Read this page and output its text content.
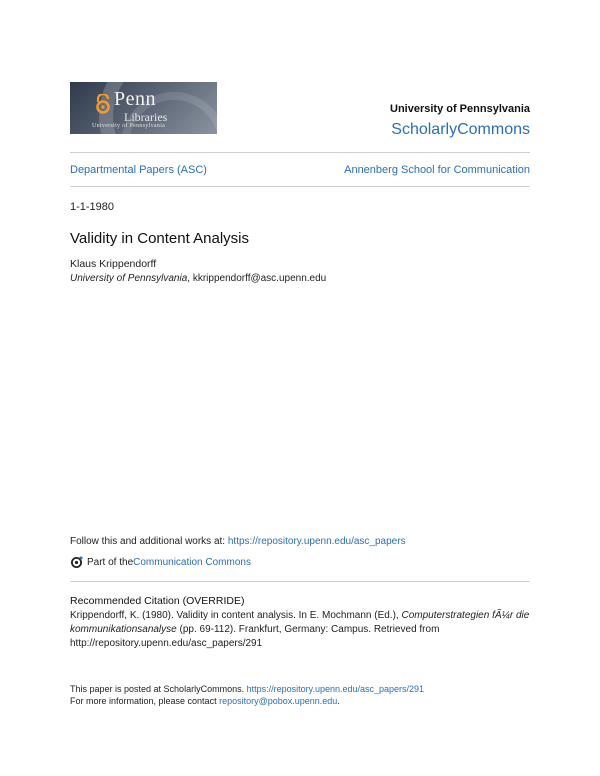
Penn
Libraries
University of Pennsylvania
University of Pennsylvania
ScholarlyCommons
Departmental Papers (ASC)	Annenberg School for Communication
1-1-1980
Validity in Content Analysis
Klaus Krippendorff
University of Pennsylvania, kkrippendorff@asc.upenn.edu
Follow this and additional works at: https://repository.upenn.edu/asc_papers
Part of the Communication Commons
Recommended Citation (OVERRIDE)
Krippendorff, K. (1980). Validity in content analysis. In E. Mochmann (Ed.), Computerstrategien fÃ¼r die
kommunikationsanalyse (pp. 69-112). Frankfurt, Germany: Campus. Retrieved from
http://repository.upenn.edu/asc_papers/291
This paper is posted at ScholarlyCommons. https://repository.upenn.edu/asc_papers/291
For more information, please contact repository@pobox.upenn.edu.
